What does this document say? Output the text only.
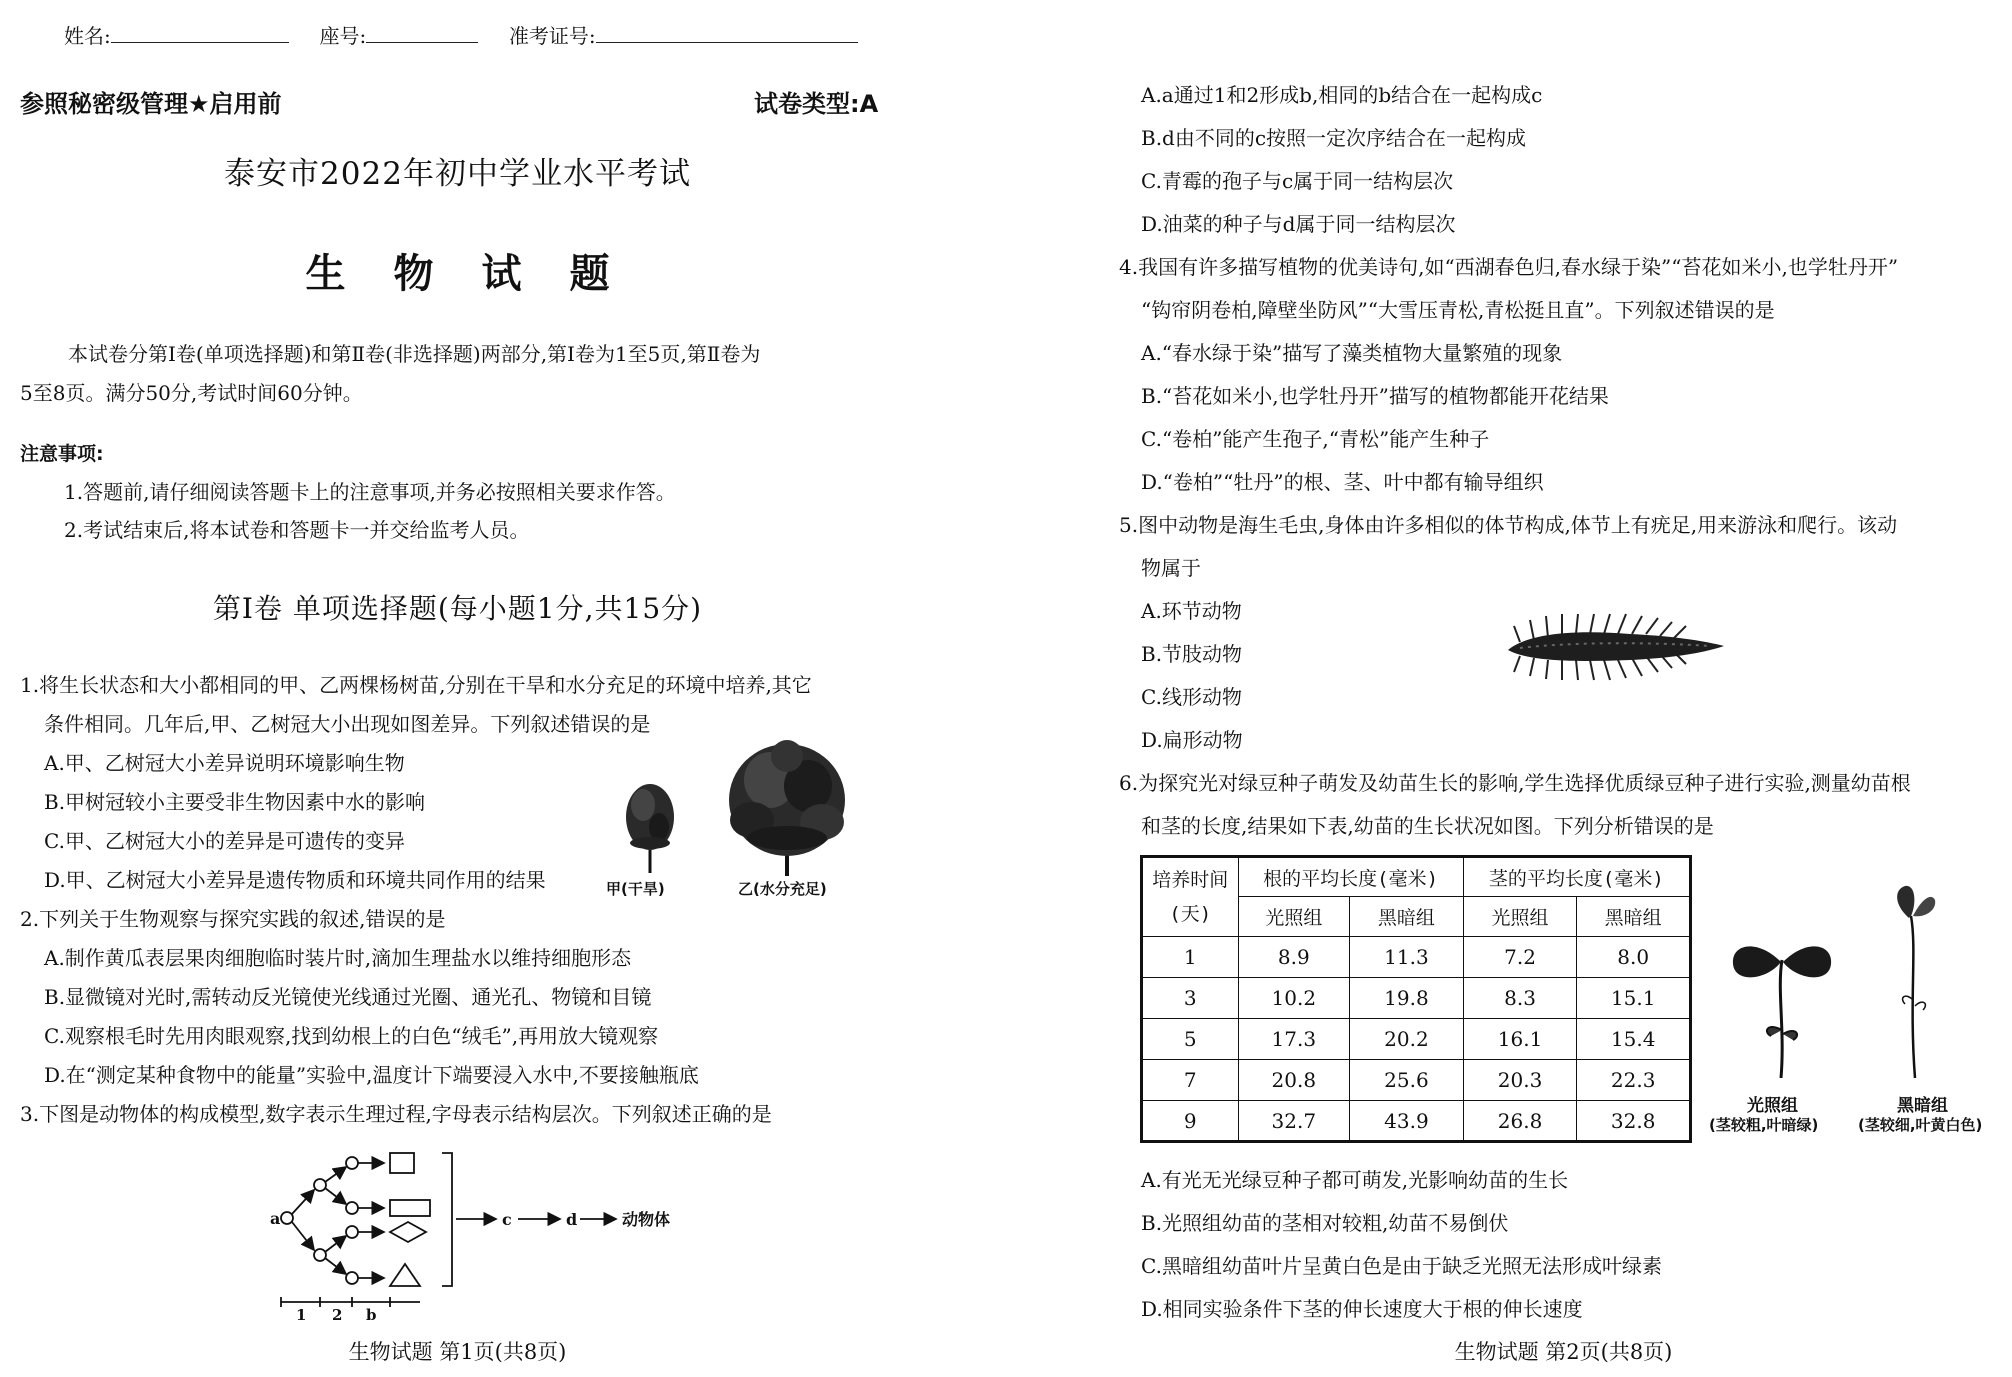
姓名:	座号:	准考证号:
参照秘密级管理★启用前	试卷类型:A
泰安市2022年初中学业水平考试
生物试题
本试卷分第Ⅰ卷(单项选择题)和第Ⅱ卷(非选择题)两部分,第Ⅰ卷为1至5页,第Ⅱ卷为
5至8页。满分50分,考试时间60分钟。
注意事项:
1.答题前,请仔细阅读答题卡上的注意事项,并务必按照相关要求作答。
2.考试结束后,将本试卷和答题卡一并交给监考人员。
第Ⅰ卷 单项选择题(每小题1分,共15分)
1.将生长状态和大小都相同的甲、乙两棵杨树苗,分别在干旱和水分充足的环境中培养,其它
条件相同。几年后,甲、乙树冠大小出现如图差异。下列叙述错误的是
A.甲、乙树冠大小差异说明环境影响生物
B.甲树冠较小主要受非生物因素中水的影响
C.甲、乙树冠大小的差异是可遗传的变异
D.甲、乙树冠大小差异是遗传物质和环境共同作用的结果	甲(干旱)	乙(水分充足)
2.下列关于生物观察与探究实践的叙述,错误的是
A.制作黄瓜表层果肉细胞临时装片时,滴加生理盐水以维持细胞形态
B.显微镜对光时,需转动反光镜使光线通过光圈、通光孔、物镜和目镜
C.观察根毛时先用肉眼观察,找到幼根上的白色“绒毛”,再用放大镜观察
D.在“测定某种食物中的能量”实验中,温度计下端要浸入水中,不要接触瓶底
3.下图是动物体的构成模型,数字表示生理过程,字母表示结构层次。下列叙述正确的是
a	c	d	动物体
1 2 b
生物试题 第1页(共8页)
A.a通过1和2形成b,相同的b结合在一起构成c
B.d由不同的c按照一定次序结合在一起构成
C.青霉的孢子与c属于同一结构层次
D.油菜的种子与d属于同一结构层次
4.我国有许多描写植物的优美诗句,如“西湖春色归,春水绿于染”“苔花如米小,也学牡丹开”
“钩帘阴卷柏,障壁坐防风”“大雪压青松,青松挺且直”。下列叙述错误的是
A.“春水绿于染”描写了藻类植物大量繁殖的现象
B.“苔花如米小,也学牡丹开”描写的植物都能开花结果
C.“卷柏”能产生孢子,“青松”能产生种子
D.“卷柏”“牡丹”的根、茎、叶中都有输导组织
5.图中动物是海生毛虫,身体由许多相似的体节构成,体节上有疣足,用来游泳和爬行。该动
物属于
A.环节动物
B.节肢动物
C.线形动物
D.扁形动物
6.为探究光对绿豆种子萌发及幼苗生长的影响,学生选择优质绿豆种子进行实验,测量幼苗根
和茎的长度,结果如下表,幼苗的生长状况如图。下列分析错误的是
培养时间
(天)	根的平均长度(毫米)		茎的平均长度(毫米)	
	光照组	黑暗组	光照组	黑暗组
1	8.9	11.3	7.2	8.0
3	10.2	19.8	8.3	15.1
5	17.3	20.2	16.1	15.4
7	20.8	25.6	20.3	22.3
9	32.7	43.9	26.8	32.8
光照组
(茎较粗,叶暗绿)
黑暗组
(茎较细,叶黄白色)
A.有光无光绿豆种子都可萌发,光影响幼苗的生长
B.光照组幼苗的茎相对较粗,幼苗不易倒伏
C.黑暗组幼苗叶片呈黄白色是由于缺乏光照无法形成叶绿素
D.相同实验条件下茎的伸长速度大于根的伸长速度
生物试题 第2页(共8页)
